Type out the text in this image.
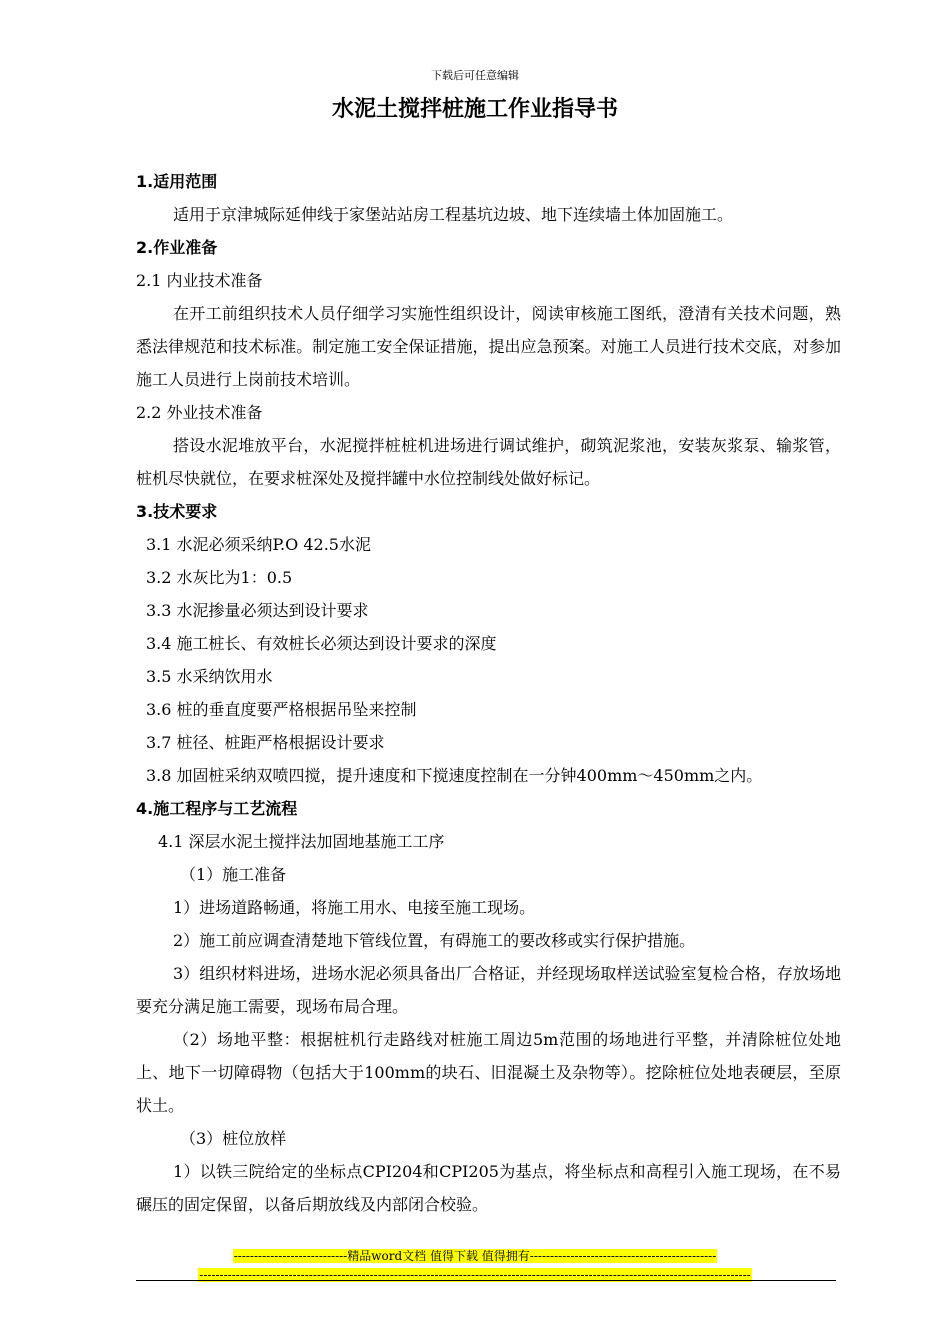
下载后可任意编辑
水泥土搅拌桩施工作业指导书
1.适用范围
适用于京津城际延伸线于家堡站站房工程基坑边坡、地下连续墙土体加固施工。
2.作业准备
2.1 内业技术准备
在开工前组织技术人员仔细学习实施性组织设计，阅读审核施工图纸，澄清有关技术问题，熟悉法律规范和技术标准。制定施工安全保证措施，提出应急预案。对施工人员进行技术交底，对参加施工人员进行上岗前技术培训。
2.2 外业技术准备
搭设水泥堆放平台，水泥搅拌桩桩机进场进行调试维护，砌筑泥浆池，安装灰浆泵、输浆管，桩机尽快就位，在要求桩深处及搅拌罐中水位控制线处做好标记。
3.技术要求
3.1 水泥必须采纳P.O 42.5水泥
3.2 水灰比为1：0.5
3.3 水泥掺量必须达到设计要求
3.4 施工桩长、有效桩长必须达到设计要求的深度
3.5 水采纳饮用水
3.6 桩的垂直度要严格根据吊坠来控制
3.7 桩径、桩距严格根据设计要求
3.8 加固桩采纳双喷四搅，提升速度和下搅速度控制在一分钟400mm～450mm之内。
4.施工程序与工艺流程
4.1 深层水泥土搅拌法加固地基施工工序
（1）施工准备
1）进场道路畅通，将施工用水、电接至施工现场。
2）施工前应调查清楚地下管线位置，有碍施工的要改移或实行保护措施。
3）组织材料进场，进场水泥必须具备出厂合格证，并经现场取样送试验室复检合格，存放场地要充分满足施工需要，现场布局合理。
（2）场地平整：根据桩机行走路线对桩施工周边5m范围的场地进行平整，并清除桩位处地上、地下一切障碍物（包括大于100mm的块石、旧混凝土及杂物等）。挖除桩位处地表硬层，至原状土。
（3）桩位放样
1）以铁三院给定的坐标点CPI204和CPI205为基点，将坐标点和高程引入施工现场，在不易碾压的固定保留，以备后期放线及内部闭合校验。
----------------------------精品word文档 值得下载 值得拥有----------------------------------------------
----------------------------------------------------------------------------------------------------------------------------------------
